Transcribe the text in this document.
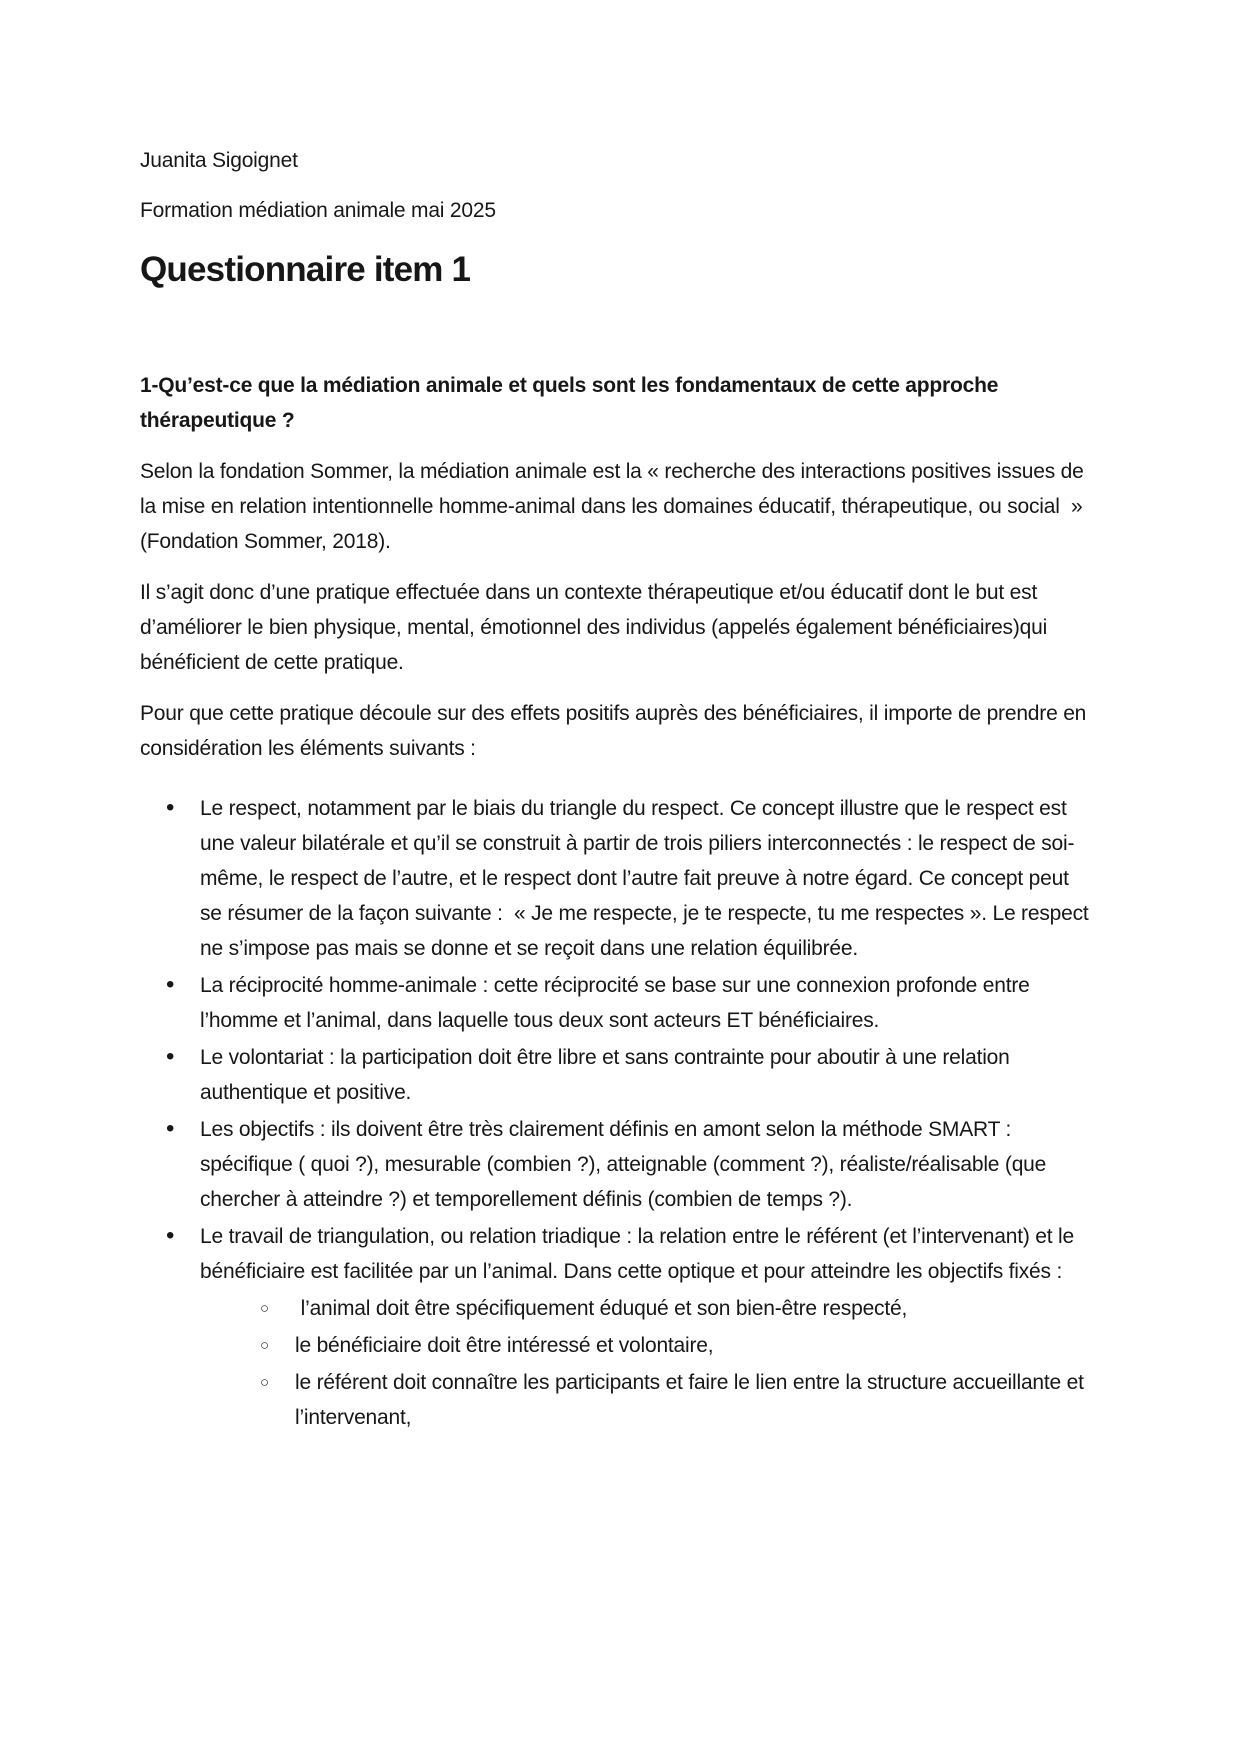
Juanita Sigoignet

Formation médiation animale mai 2025

Questionnaire item 1
1-Qu’est-ce que la médiation animale et quels sont les fondamentaux de cette approche thérapeutique ?

Selon la fondation Sommer, la médiation animale est la « recherche des interactions positives issues de la mise en relation intentionnelle homme-animal dans les domaines éducatif, thérapeutique, ou social  » (Fondation Sommer, 2018).

Il s’agit donc d’une pratique effectuée dans un contexte thérapeutique et/ou éducatif dont le but est d’améliorer le bien physique, mental, émotionnel des individus (appelés également bénéficiaires)qui bénéficient de cette pratique.

Pour que cette pratique découle sur des effets positifs auprès des bénéficiaires, il importe de prendre en considération les éléments suivants :

• Le respect, notamment par le biais du triangle du respect. Ce concept illustre que le respect est une valeur bilatérale et qu’il se construit à partir de trois piliers interconnectés : le respect de soi-même, le respect de l’autre, et le respect dont l’autre fait preuve à notre égard. Ce concept peut se résumer de la façon suivante :  « Je me respecte, je te respecte, tu me respectes ». Le respect ne s’impose pas mais se donne et se reçoit dans une relation équilibrée.
• La réciprocité homme-animale : cette réciprocité se base sur une connexion profonde entre l’homme et l’animal, dans laquelle tous deux sont acteurs ET bénéficiaires.
• Le volontariat : la participation doit être libre et sans contrainte pour aboutir à une relation authentique et positive.
• Les objectifs : ils doivent être très clairement définis en amont selon la méthode SMART : spécifique ( quoi ?), mesurable (combien ?), atteignable (comment ?), réaliste/réalisable (que chercher à atteindre ?) et temporellement définis (combien de temps ?).
• Le travail de triangulation, ou relation triadique : la relation entre le référent (et l’intervenant) et le bénéficiaire est facilitée par un l’animal. Dans cette optique et pour atteindre les objectifs fixés :
○  l’animal doit être spécifiquement éduqué et son bien-être respecté,
○ le bénéficiaire doit être intéressé et volontaire,
○ le référent doit connaître les participants et faire le lien entre la structure accueillante et l’intervenant,
